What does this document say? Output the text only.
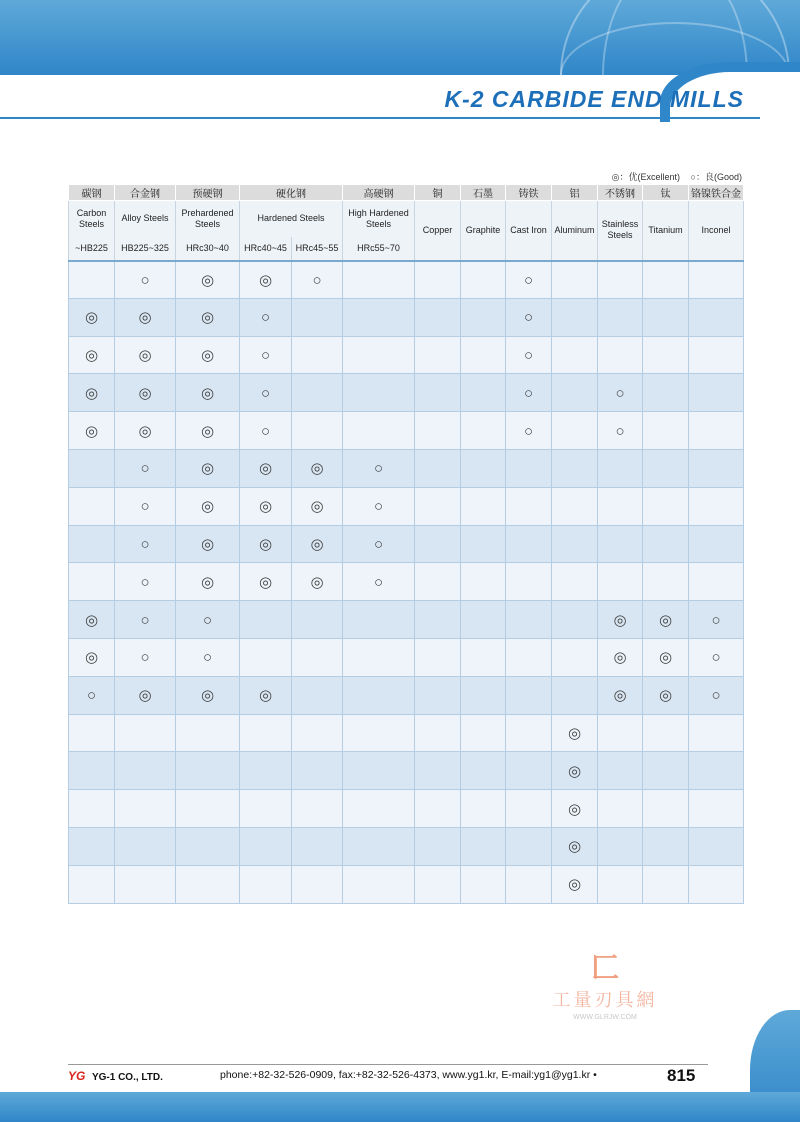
K-2 CARBIDE END MILLS
◎：优(Excellent) ○：良(Good)
碳钢	合金钢	预硬钢	硬化钢		高硬钢	铜	石墨	铸铁	铝	不锈钢	钛	铬镍铁合金
Carbon Steels	Alloy Steels	Prehardened Steels	Hardened Steels		High Hardened Steels	Copper	Graphite	Cast Iron	Aluminum	Stainless Steels	Titanium	Inconel
~HB225	HB225~325	HRc30~40	HRc40~45	HRc45~55	HRc55~70							
	○	◎	◎	○				○				
◎	◎	◎	○					○				
◎	◎	◎	○					○				
◎	◎	◎	○					○		○		
◎	◎	◎	○					○		○		
	○	◎	◎	◎	○							
	○	◎	◎	◎	○							
	○	◎	◎	◎	○							
	○	◎	◎	◎	○							
◎	○	○								◎	◎	○
◎	○	○								◎	◎	○
○	◎	◎	◎							◎	◎	○
									◎			
									◎			
									◎			
									◎			
									◎			
匚
工量刃具網
WWW.GLRJW.COM
YG YG-1 CO., LTD.	phone:+82-32-526-0909, fax:+82-32-526-4373, www.yg1.kr, E-mail:yg1@yg1.kr •	815
